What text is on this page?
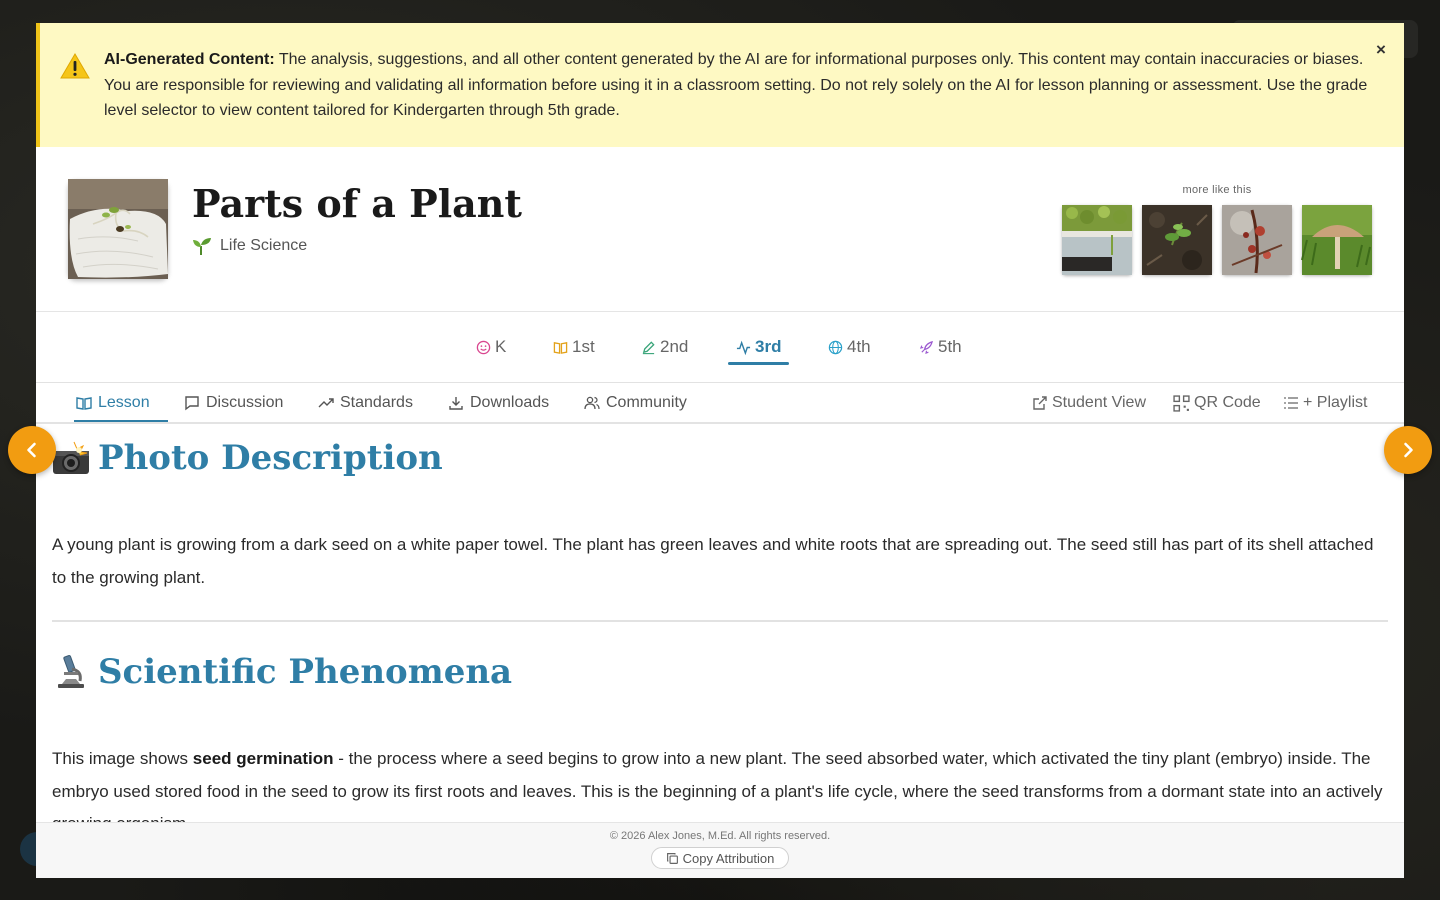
AI-Generated Content: The analysis, suggestions, and all other content generated by the AI are for informational purposes only. This content may contain inaccuracies or biases. You are responsible for reviewing and validating all information before using it in a classroom setting. Do not rely solely on the AI for lesson planning or assessment. Use the grade level selector to view content tailored for Kindergarten through 5th grade.
×
Parts of a Plant
Life Science
more like this
K	1st	2nd	3rd	4th	5th
Lesson	Discussion	Standards	Downloads	Community	Student View	QR Code	+ Playlist
Photo Description

A young plant is growing from a dark seed on a white paper towel. The plant has green leaves and white roots that are spreading out. The seed still has part of its shell attached to the growing plant.

Scientific Phenomena

This image shows seed germination - the process where a seed begins to grow into a new plant. The seed absorbed water, which activated the tiny plant (embryo) inside. The embryo used stored food in the seed to grow its first roots and leaves. This is the beginning of a plant's life cycle, where the seed transforms from a dormant state into an actively

© 2026 Alex Jones, M.Ed. All rights reserved.
Copy Attribution
